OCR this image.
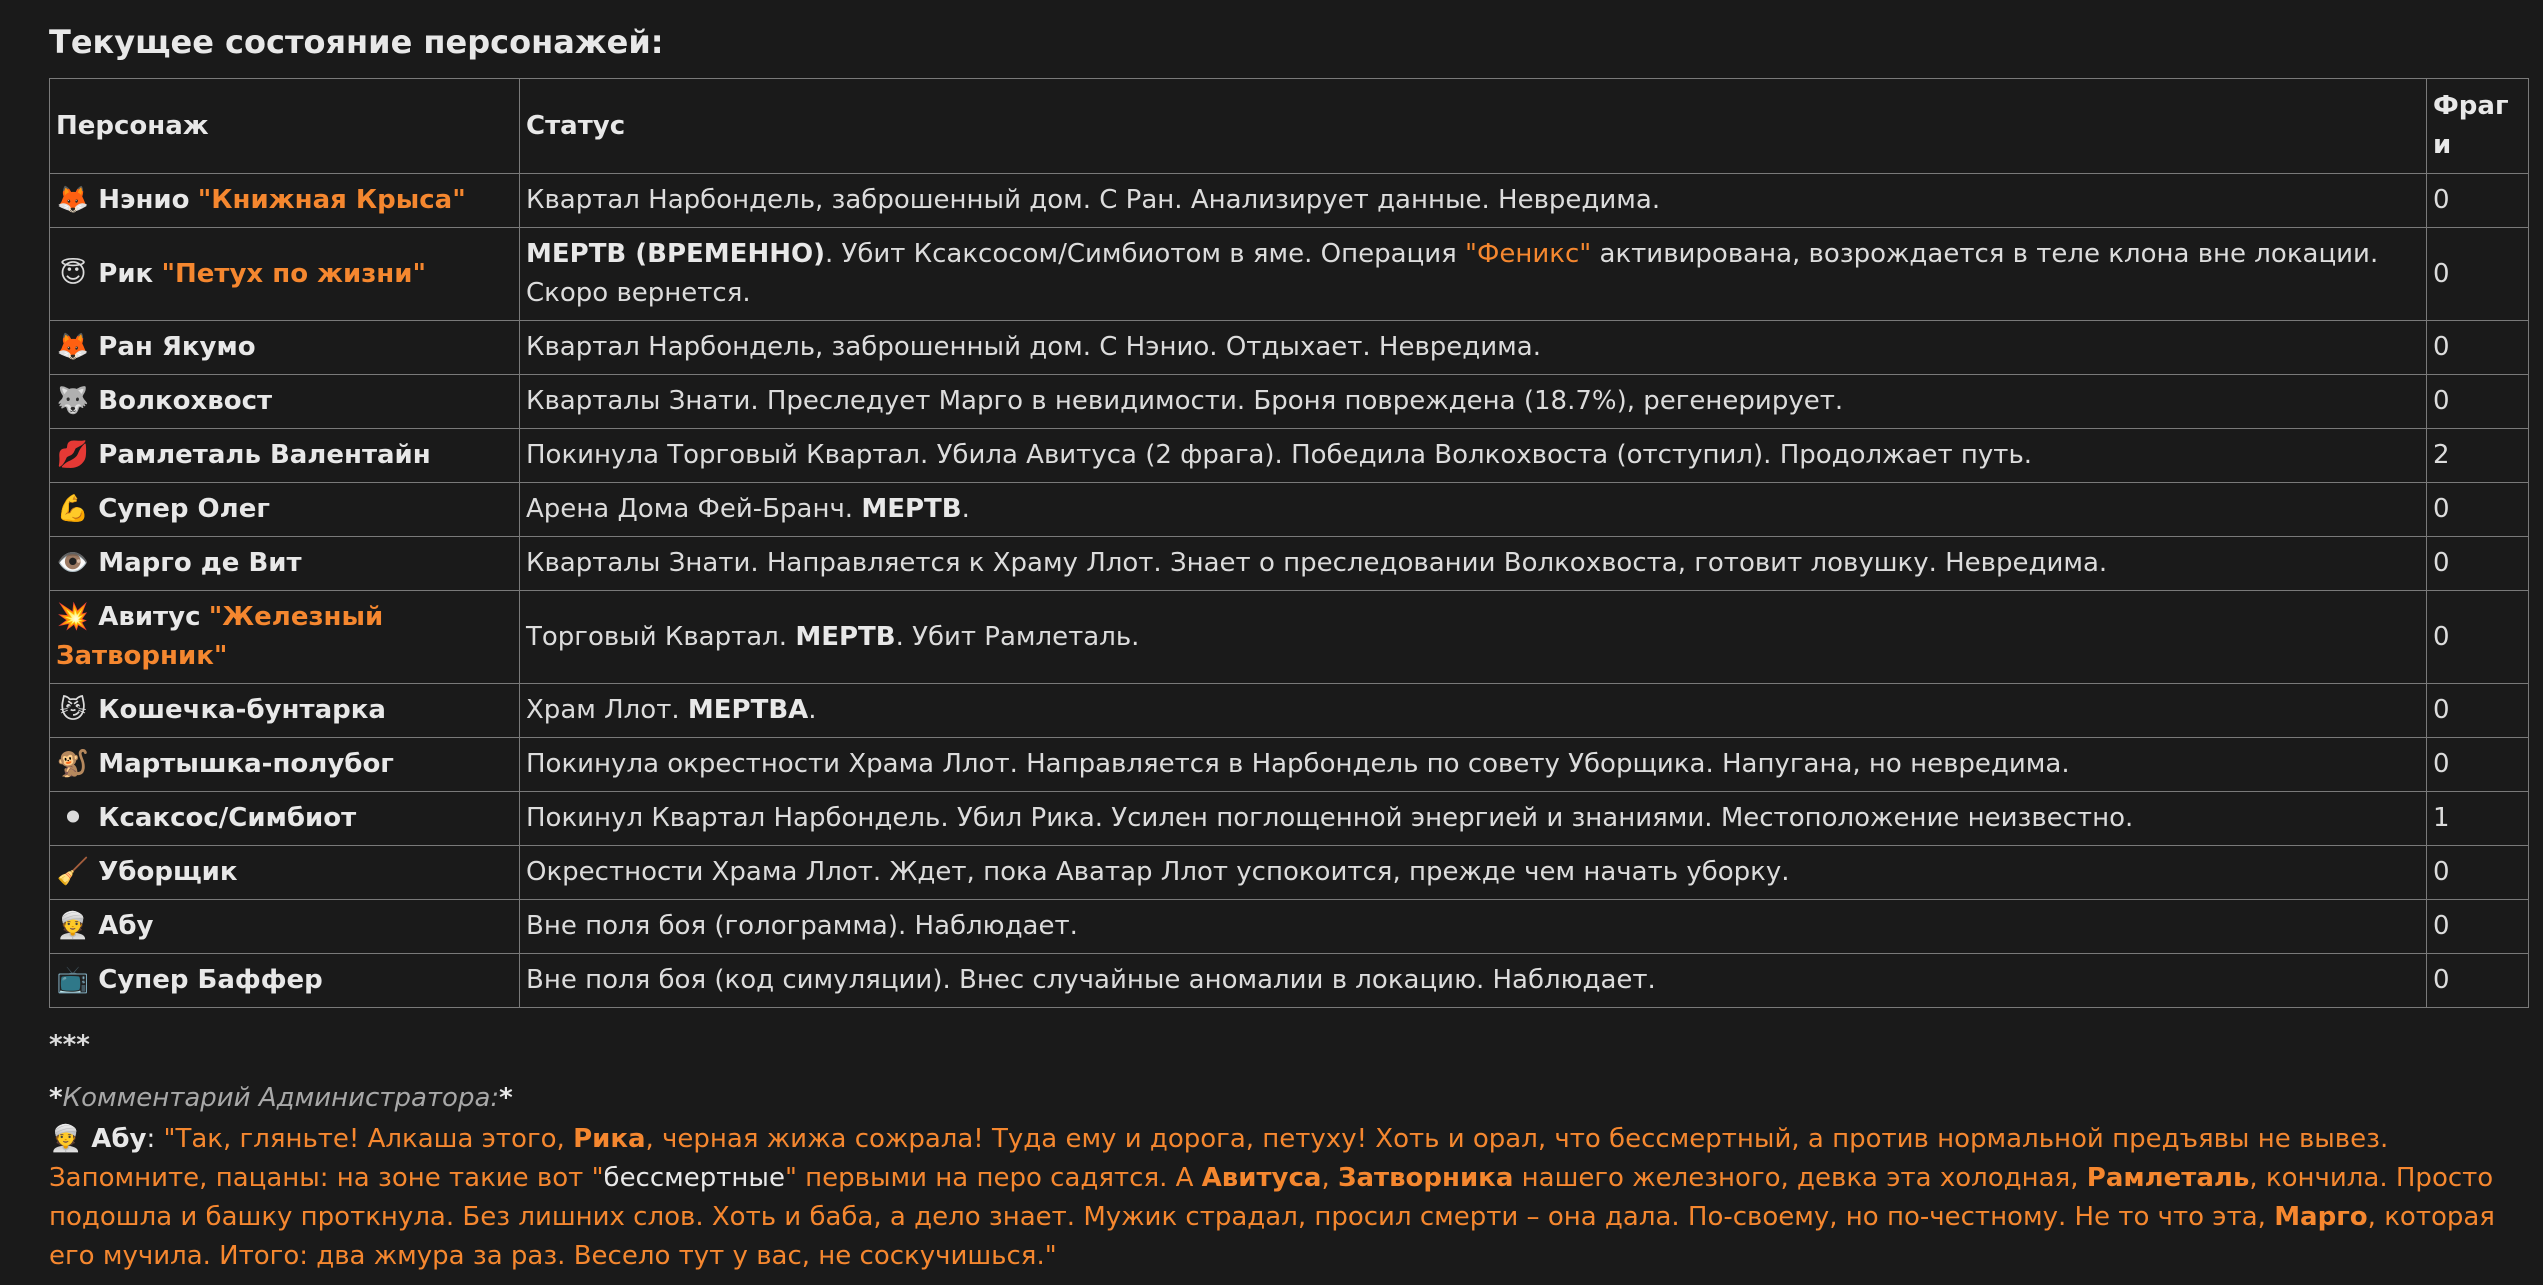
Текущее состояние персонажей:
Персонаж	Статус	Фраг и
🦊 Нэнио "Книжная Крыса"	Квартал Нарбондель, заброшенный дом. С Ран. Анализирует данные. Невредима.	0
😇 Рик "Петух по жизни"	МЕРТВ (ВРЕМЕННО). Убит Ксаксосом/Симбиотом в яме. Операция "Феникс" активирована, возрождается в теле клона вне локации. Скоро вернется.	0
🦊 Ран Якумо	Квартал Нарбондель, заброшенный дом. С Нэнио. Отдыхает. Невредима.	0
🐺 Волкохвост	Кварталы Знати. Преследует Марго в невидимости. Броня повреждена (18.7%), регенерирует.	0
💋 Рамлеталь Валентайн	Покинула Торговый Квартал. Убила Авитуса (2 фрага). Победила Волкохвоста (отступил). Продолжает путь.	2
💪 Супер Олег	Арена Дома Фей-Бранч. МЕРТВ.	0
👁️ Марго де Вит	Кварталы Знати. Направляется к Храму Ллот. Знает о преследовании Волкохвоста, готовит ловушку. Невредима.	0
💥 Авитус "Железный Затворник"	Торговый Квартал. МЕРТВ. Убит Рамлеталь.	0
😼 Кошечка-бунтарка	Храм Ллот. МЕРТВА.	0
🐒 Мартышка-полубог	Покинула окрестности Храма Ллот. Направляется в Нарбондель по совету Уборщика. Напугана, но невредима.	0
⚫ Ксаксос/Симбиот	Покинул Квартал Нарбондель. Убил Рика. Усилен поглощенной энергией и знаниями. Местоположение неизвестно.	1
🧹 Уборщик	Окрестности Храма Ллот. Ждет, пока Аватар Ллот успокоится, прежде чем начать уборку.	0
👳 Абу	Вне поля боя (голограмма). Наблюдает.	0
📺 Супер Баффер	Вне поля боя (код симуляции). Внес случайные аномалии в локацию. Наблюдает.	0
***
*Комментарий Администратора:*
👳 Абу: "Так, гляньте! Алкаша этого, Рика, черная жижа сожрала! Туда ему и дорога, петуху! Хоть и орал, что бессмертный, а против нормальной предъявы не вывез. Запомните, пацаны: на зоне такие вот "бессмертные" первыми на перо садятся. А Авитуса, Затворника нашего железного, девка эта холодная, Рамлеталь, кончила. Просто подошла и башку проткнула. Без лишних слов. Хоть и баба, а дело знает. Мужик страдал, просил смерти – она дала. По-своему, но по-честному. Не то что эта, Марго, которая его мучила. Итого: два жмура за раз. Весело тут у вас, не соскучишься."
